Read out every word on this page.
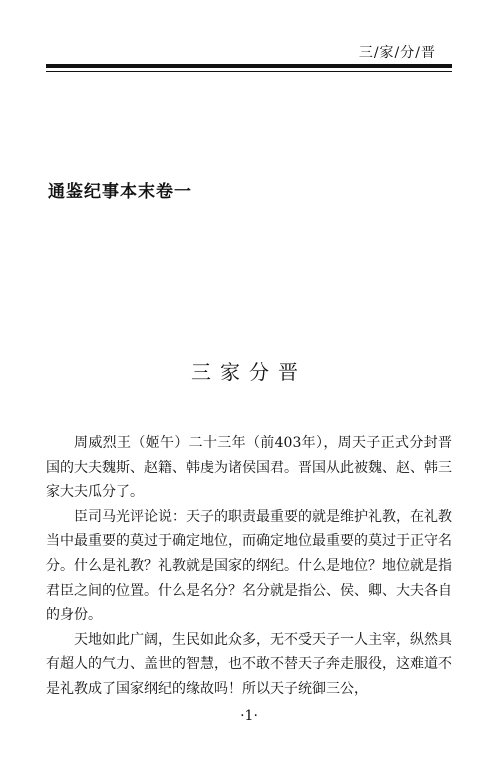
三/家/分/晋
通鉴纪事本末卷一
三家分晋

周威烈王（姬午）二十三年（前403年），周天子正式分封晋国的大夫魏斯、赵籍、韩虔为诸侯国君。晋国从此被魏、赵、韩三家大夫瓜分了。

臣司马光评论说：天子的职责最重要的就是维护礼教，在礼教当中最重要的莫过于确定地位，而确定地位最重要的莫过于正守名分。什么是礼教？礼教就是国家的纲纪。什么是地位？地位就是指君臣之间的位置。什么是名分？名分就是指公、侯、卿、大夫各自的身份。

天地如此广阔，生民如此众多，无不受天子一人主宰，纵然具有超人的气力、盖世的智慧，也不敢不替天子奔走服役，这难道不是礼教成了国家纲纪的缘故吗！所以天子统御三公，

·1·
